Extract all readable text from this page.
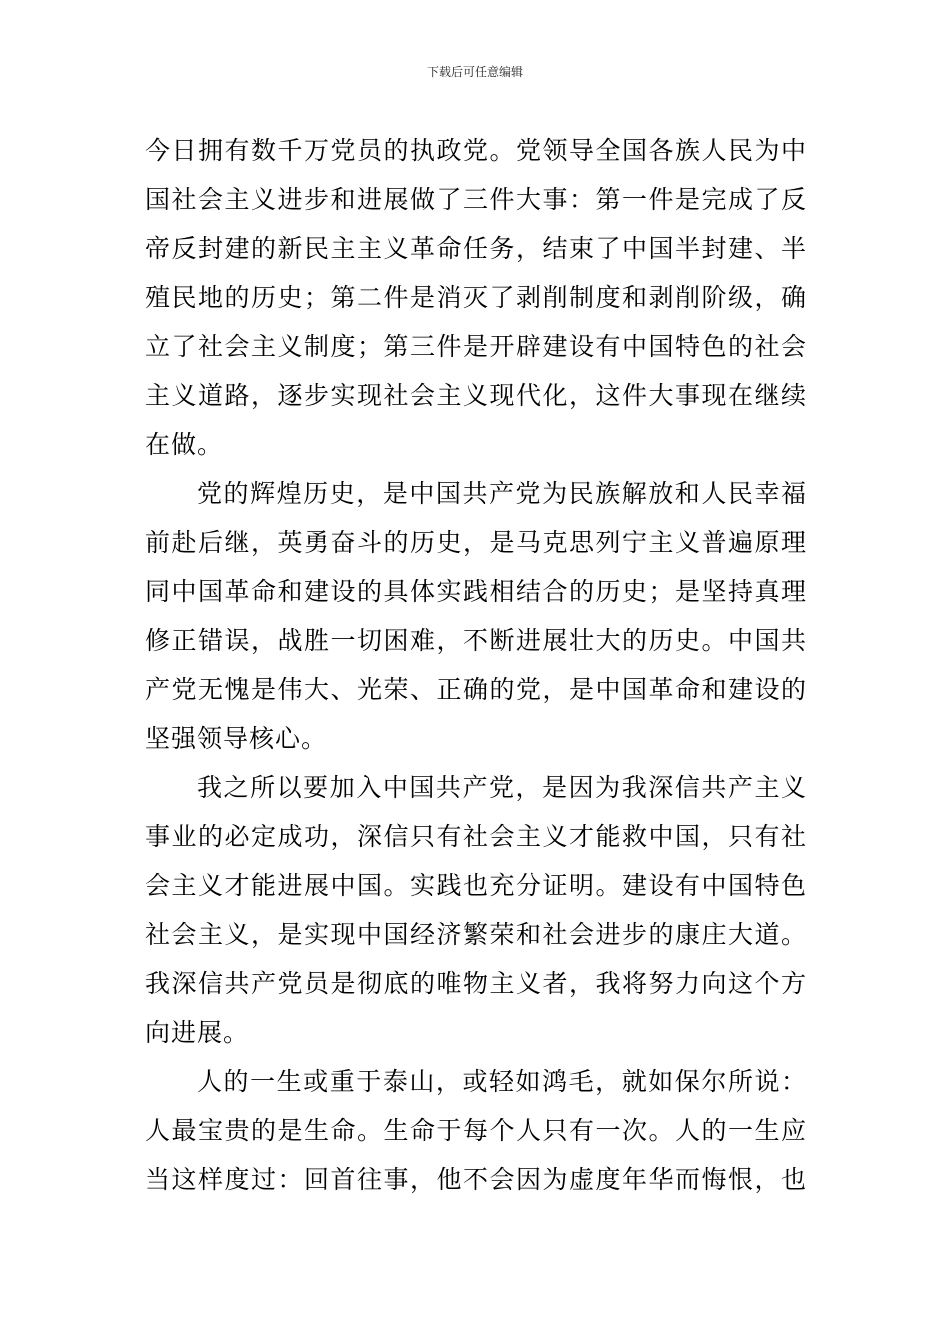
下载后可任意编辑
今日拥有数千万党员的执政党。党领导全国各族人民为中
国社会主义进步和进展做了三件大事：第一件是完成了反
帝反封建的新民主主义革命任务，结束了中国半封建、半
殖民地的历史；第二件是消灭了剥削制度和剥削阶级，确
立了社会主义制度；第三件是开辟建设有中国特色的社会
主义道路，逐步实现社会主义现代化，这件大事现在继续
在做。
党的辉煌历史，是中国共产党为民族解放和人民幸福
前赴后继，英勇奋斗的历史，是马克思列宁主义普遍原理
同中国革命和建设的具体实践相结合的历史；是坚持真理
修正错误，战胜一切困难，不断进展壮大的历史。中国共
产党无愧是伟大、光荣、正确的党，是中国革命和建设的
坚强领导核心。
我之所以要加入中国共产党，是因为我深信共产主义
事业的必定成功，深信只有社会主义才能救中国，只有社
会主义才能进展中国。实践也充分证明。建设有中国特色
社会主义，是实现中国经济繁荣和社会进步的康庄大道。
我深信共产党员是彻底的唯物主义者，我将努力向这个方
向进展。
人的一生或重于泰山，或轻如鸿毛，就如保尔所说：
人最宝贵的是生命。生命于每个人只有一次。人的一生应
当这样度过：回首往事，他不会因为虚度年华而悔恨，也
